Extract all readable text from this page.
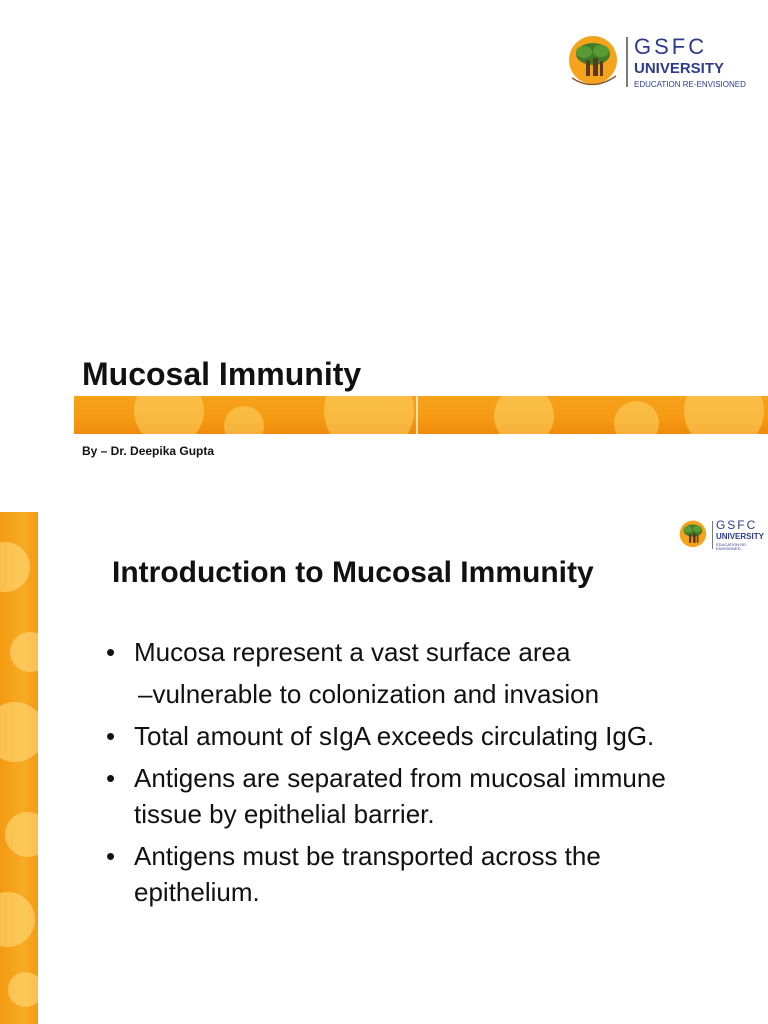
GSFC
UNIVERSITY
EDUCATION RE-ENVISIONED
Mucosal Immunity
By – Dr. Deepika Gupta
GSFC
UNIVERSITY
EDUCATION RE-ENVISIONED
Introduction to Mucosal Immunity
• Mucosa represent a vast surface area
–vulnerable to colonization and invasion
• Total amount of sIgA exceeds circulating IgG.
• Antigens are separated from mucosal immune tissue by epithelial barrier.
• Antigens must be transported across the epithelium.
